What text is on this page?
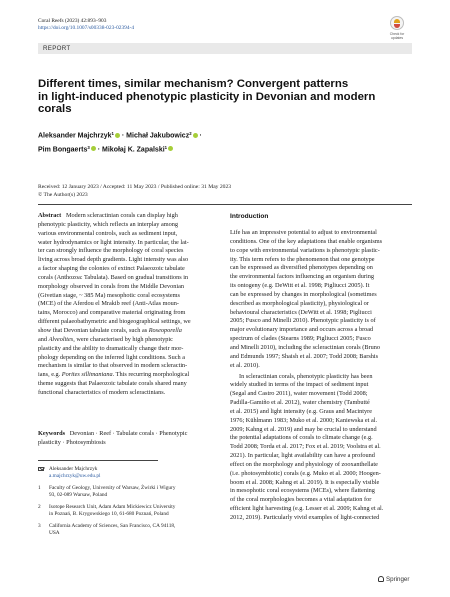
Coral Reefs (2023) 42:893–903
https://doi.org/10.1007/s00338-023-02394-4
Check for
updates
REPORT
Different times, similar mechanism? Convergent patterns
in light-induced phenotypic plasticity in Devonian and modern
corals
Aleksander Majchrzyk$^1$ · Michał Jakubowicz$^2$ ·
Pim Bongaerts$^3$ · Mikołaj K. Zapalski$^1$
Received: 12 January 2023 / Accepted: 11 May 2023 / Published online: 31 May 2023
© The Author(s) 2023
Abstract Modern scleractinian corals can display high
phenotypic plasticity, which reflects an interplay among
various environmental controls, such as sediment input,
water hydrodynamics or light intensity. In particular, the lat-
ter can strongly influence the morphology of coral species
living across broad depth gradients. Light intensity was also
a factor shaping the colonies of extinct Palaeozoic tabulate
corals (Anthozoa: Tabulata). Based on gradual transitions in
morphology observed in corals from the Middle Devonian
(Givetian stage, ~ 385 Ma) mesophotic coral ecosystems
(MCE) of the Aferdou el Mrakib reef (Anti-Atlas moun-
tains, Morocco) and comparative material originating from
different palaeobathymetric and biogeographical settings, we
show that Devonian tabulate corals, such as Roseoporella
and Alveolites, were characterised by high phenotypic
plasticity and the ability to dramatically change their mor-
phology depending on the inferred light conditions. Such a
mechanism is similar to that observed in modern scleractin-
ians, e.g. Porites sillimaniana. This recurring morphological
theme suggests that Palaeozoic tabulate corals shared many
functional characteristics of modern scleractinians.
Keywords Devonian · Reef · Tabulate corals · Phenotypic
plasticity · Photosymbiosis
Aleksander Majchrzyk
a.majchrzyk@uw.edu.pl
1 Faculty of Geology, University of Warsaw, Żwirki i Wigury
93, 02-089 Warsaw, Poland
2 Isotope Research Unit, Adam Adam Mickiewicz University
in Poznań, B. Krygowskiego 10, 61-680 Poznań, Poland
3 California Academy of Sciences, San Francisco, CA 94118,
USA
Introduction
Life has an impressive potential to adjust to environmental
conditions. One of the key adaptations that enable organisms
to cope with environmental variations is phenotypic plastic-
ity. This term refers to the phenomenon that one genotype
can be expressed as diversified phenotypes depending on
the environmental factors influencing an organism during
its ontogeny (e.g. DeWitt et al. 1998; Pigliucci 2005). It
can be expressed by changes in morphological (sometimes
described as morphological plasticity), physiological or
behavioural characteristics (DeWitt et al. 1998; Pigliucci
2005; Fusco and Minelli 2010). Phenotypic plasticity is of
major evolutionary importance and occurs across a broad
spectrum of clades (Stearns 1989; Pigliucci 2005; Fusco
and Minelli 2010), including the scleractinian corals (Bruno
and Edmunds 1997; Shaish et al. 2007; Todd 2008; Barshis
et al. 2010).
In scleractinian corals, phenotypic plasticity has been
widely studied in terms of the impact of sediment input
(Segal and Castro 2011), water movement (Todd 2008;
Padilla-Gamiño et al. 2012), water chemistry (Tambutté
et al. 2015) and light intensity (e.g. Graus and Macintyre
1976; Kühlmann 1983; Muko et al. 2000; Kaniewska et al.
2009; Kahng et al. 2019) and may be crucial to understand
the potential adaptations of corals to climate change (e.g.
Todd 2008; Torda et al. 2017; Fox et al. 2019; Voolstra et al.
2021). In particular, light availability can have a profound
effect on the morphology and physiology of zooxanthellate
(i.e. photosymbiotic) corals (e.g. Muko et al. 2000; Hoogen-
boom et al. 2008; Kahng et al. 2019). It is especially visible
in mesophotic coral ecosystems (MCEs), where flattening
of the coral morphologies becomes a vital adaptation for
efficient light harvesting (e.g. Lesser et al. 2009; Kahng et al.
2012, 2019). Particularly vivid examples of light-connected
Springer
